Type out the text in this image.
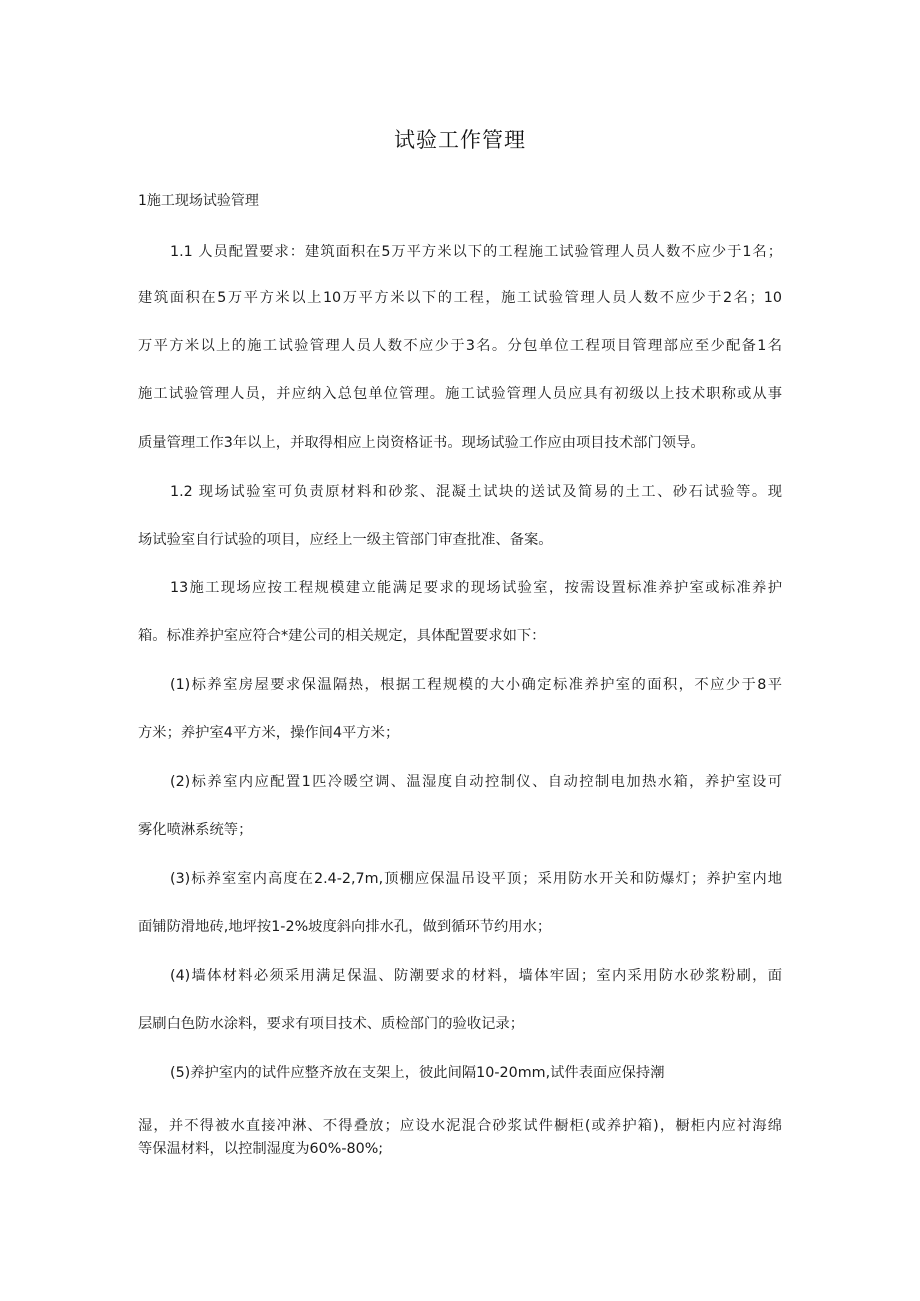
试验工作管理
1施工现场试验管理
1.1 人员配置要求：建筑面积在5万平方米以下的工程施工试验管理人员人数不应少于1名；
建筑面积在5万平方米以上10万平方米以下的工程，施工试验管理人员人数不应少于2名；10
万平方米以上的施工试验管理人员人数不应少于3名。分包单位工程项目管理部应至少配备1名
施工试验管理人员，并应纳入总包单位管理。施工试验管理人员应具有初级以上技术职称或从事
质量管理工作3年以上，并取得相应上岗资格证书。现场试验工作应由项目技术部门领导。
1.2 现场试验室可负责原材料和砂浆、混凝土试块的送试及简易的土工、砂石试验等。现
场试验室自行试验的项目，应经上一级主管部门审查批准、备案。
13施工现场应按工程规模建立能满足要求的现场试验室，按需设置标准养护室或标准养护
箱。标准养护室应符合*建公司的相关规定，具体配置要求如下：
(1)标养室房屋要求保温隔热，根据工程规模的大小确定标准养护室的面积，不应少于8平
方米；养护室4平方米，操作间4平方米；
(2)标养室内应配置1匹冷暖空调、温湿度自动控制仪、自动控制电加热水箱，养护室设可
雾化喷淋系统等；
(3)标养室室内高度在2.4-2,7m,顶棚应保温吊设平顶；采用防水开关和防爆灯；养护室内地
面铺防滑地砖,地坪按1-2%坡度斜向排水孔，做到循环节约用水；
(4)墙体材料必须采用满足保温、防潮要求的材料，墙体牢固；室内采用防水砂浆粉刷，面
层刷白色防水涂料，要求有项目技术、质检部门的验收记录；
(5)养护室内的试件应整齐放在支架上，彼此间隔10-20mm,试件表面应保持潮
湿，并不得被水直接冲淋、不得叠放；应设水泥混合砂浆试件橱柜(或养护箱)，橱柜内应衬海绵
等保温材料，以控制湿度为60%-80%;
